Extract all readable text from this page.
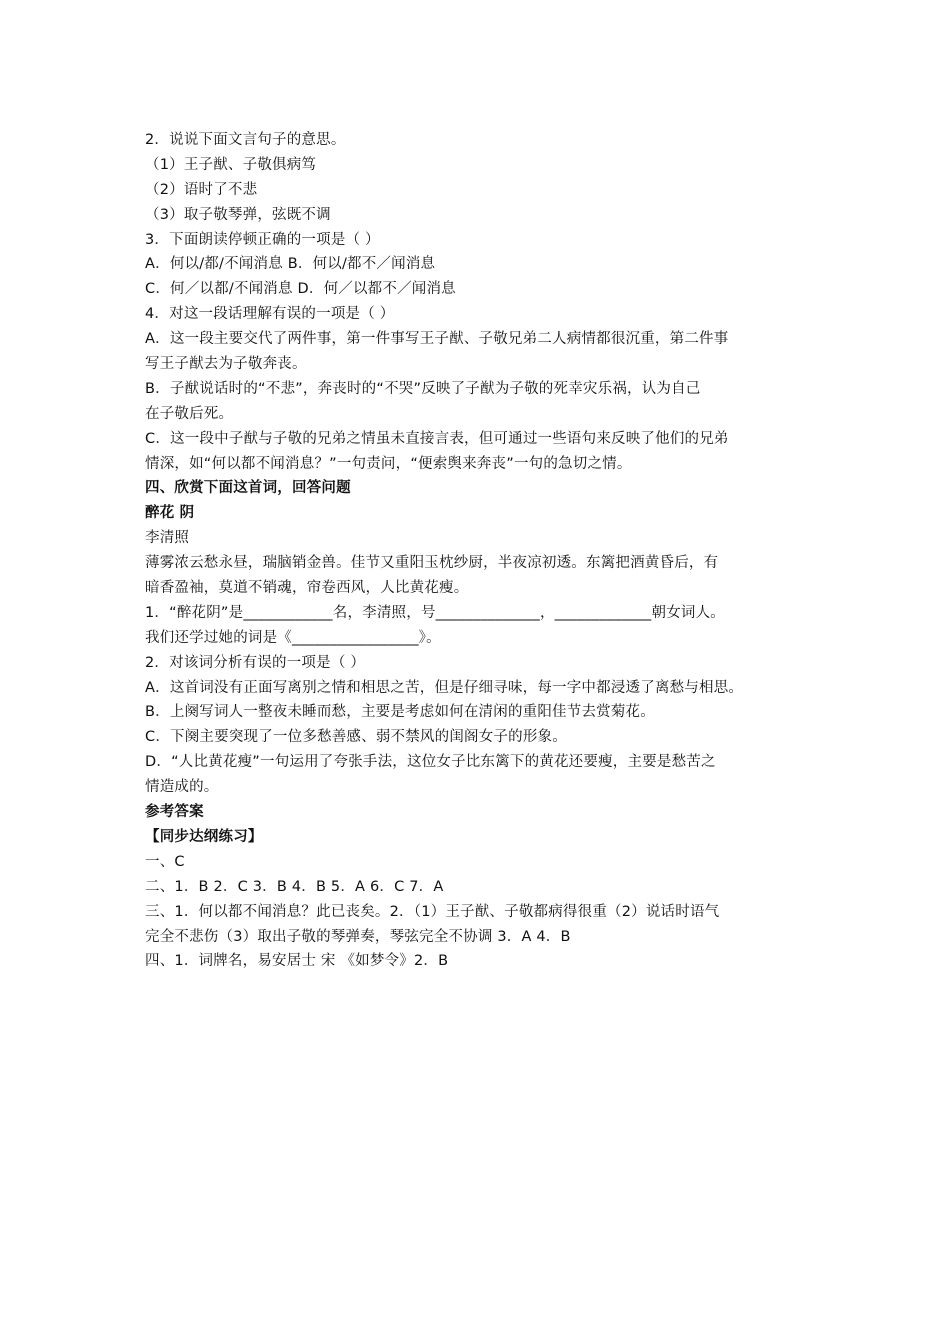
2．说说下面文言句子的意思。
（1）王子猷、子敬俱病笃
（2）语时了不悲
（3）取子敬琴弹，弦既不调
3．下面朗读停顿正确的一项是（ ）
A．何以/都/不闻消息 B．何以/都不／闻消息
C．何／以都/不闻消息 D．何／以都不／闻消息
4．对这一段话理解有误的一项是（ ）
A．这一段主要交代了两件事，第一件事写王子猷、子敬兄弟二人病情都很沉重，第二件事
写王子猷去为子敬奔丧。
B．子猷说话时的“不悲”，奔丧时的“不哭”反映了子猷为子敬的死幸灾乐祸，认为自己
在子敬后死。
C．这一段中子猷与子敬的兄弟之情虽未直接言表，但可通过一些语句来反映了他们的兄弟
情深，如“何以都不闻消息？”一句责问，“便索舆来奔丧”一句的急切之情。
四、欣赏下面这首词，回答问题
醉花 阴
李清照
薄雾浓云愁永昼，瑞脑销金兽。佳节又重阳玉枕纱厨，半夜凉初透。东篱把酒黄昏后，有
暗香盈袖，莫道不销魂，帘卷西风，人比黄花瘦。
1．“醉花阴”是____________名，李清照，号______________，_____________朝女词人。
我们还学过她的词是《_________________》。
2．对该词分析有误的一项是（ ）
A．这首词没有正面写离别之情和相思之苦，但是仔细寻味，每一字中都浸透了离愁与相思。
B．上阕写词人一整夜未睡而愁，主要是考虑如何在清闲的重阳佳节去赏菊花。
C．下阕主要突现了一位多愁善感、弱不禁风的闺阁女子的形象。
D．“人比黄花瘦”一句运用了夸张手法，这位女子比东篱下的黄花还要瘦，主要是愁苦之
情造成的。
参考答案
【同步达纲练习】
一、C
二、1．B 2．C 3．B 4．B 5．A 6．C 7．A
三、1．何以都不闻消息？此已丧矣。2．（1）王子猷、子敬都病得很重（2）说话时语气
完全不悲伤（3）取出子敬的琴弹奏，琴弦完全不协调 3．A 4．B
四、1．词牌名，易安居士 宋 《如梦令》2．B
